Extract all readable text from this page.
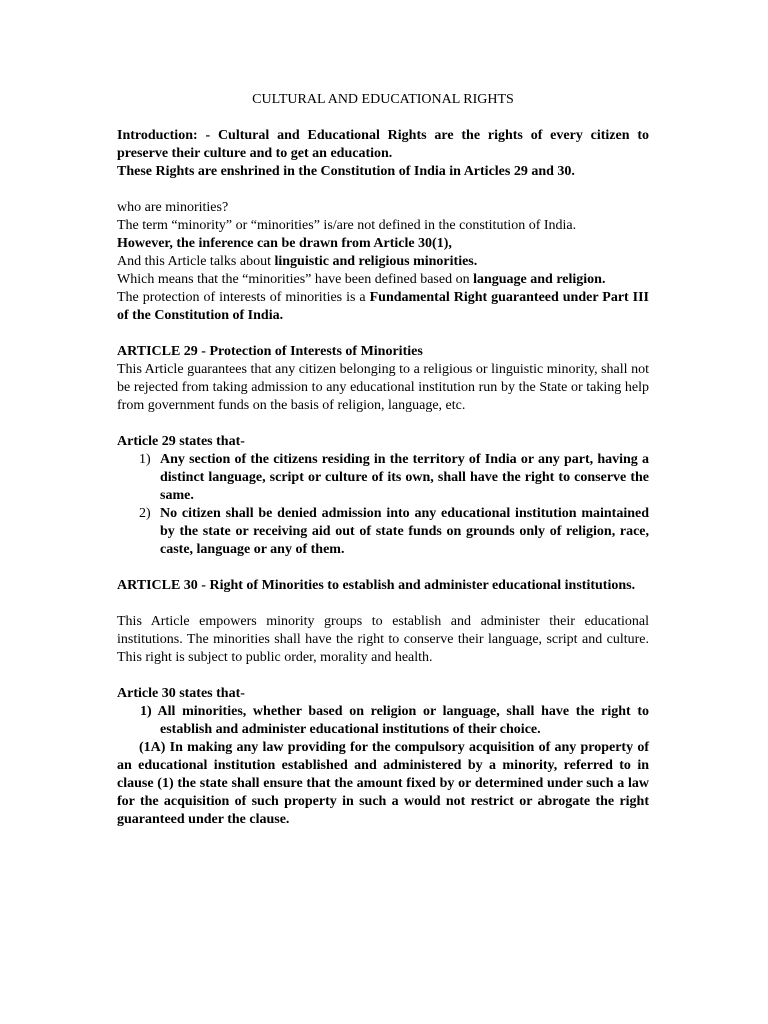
CULTURAL AND EDUCATIONAL RIGHTS

Introduction: - Cultural and Educational Rights are the rights of every citizen to preserve their culture and to get an education.

These Rights are enshrined in the Constitution of India in Articles 29 and 30.

who are minorities?

The term “minority” or “minorities” is/are not defined in the constitution of India.

However, the inference can be drawn from Article 30(1),

And this Article talks about linguistic and religious minorities.

Which means that the “minorities” have been defined based on language and religion.

The protection of interests of minorities is a Fundamental Right guaranteed under Part III of the Constitution of India.

ARTICLE 29 - Protection of Interests of Minorities

This Article guarantees that any citizen belonging to a religious or linguistic minority, shall not be rejected from taking admission to any educational institution run by the State or taking help from government funds on the basis of religion, language, etc.

Article 29 states that-

1) Any section of the citizens residing in the territory of India or any part, having a distinct language, script or culture of its own, shall have the right to conserve the same.
2) No citizen shall be denied admission into any educational institution maintained by the state or receiving aid out of state funds on grounds only of religion, race, caste, language or any of them.

ARTICLE 30 - Right of Minorities to establish and administer educational institutions.

This Article empowers minority groups to establish and administer their educational institutions. The minorities shall have the right to conserve their language, script and culture. This right is subject to public order, morality and health.

Article 30 states that-

1) All minorities, whether based on religion or language, shall have the right to establish and administer educational institutions of their choice.

(1A) In making any law providing for the compulsory acquisition of any property of an educational institution established and administered by a minority, referred to in clause (1) the state shall ensure that the amount fixed by or determined under such a law for the acquisition of such property in such a would not restrict or abrogate the right guaranteed under the clause.
